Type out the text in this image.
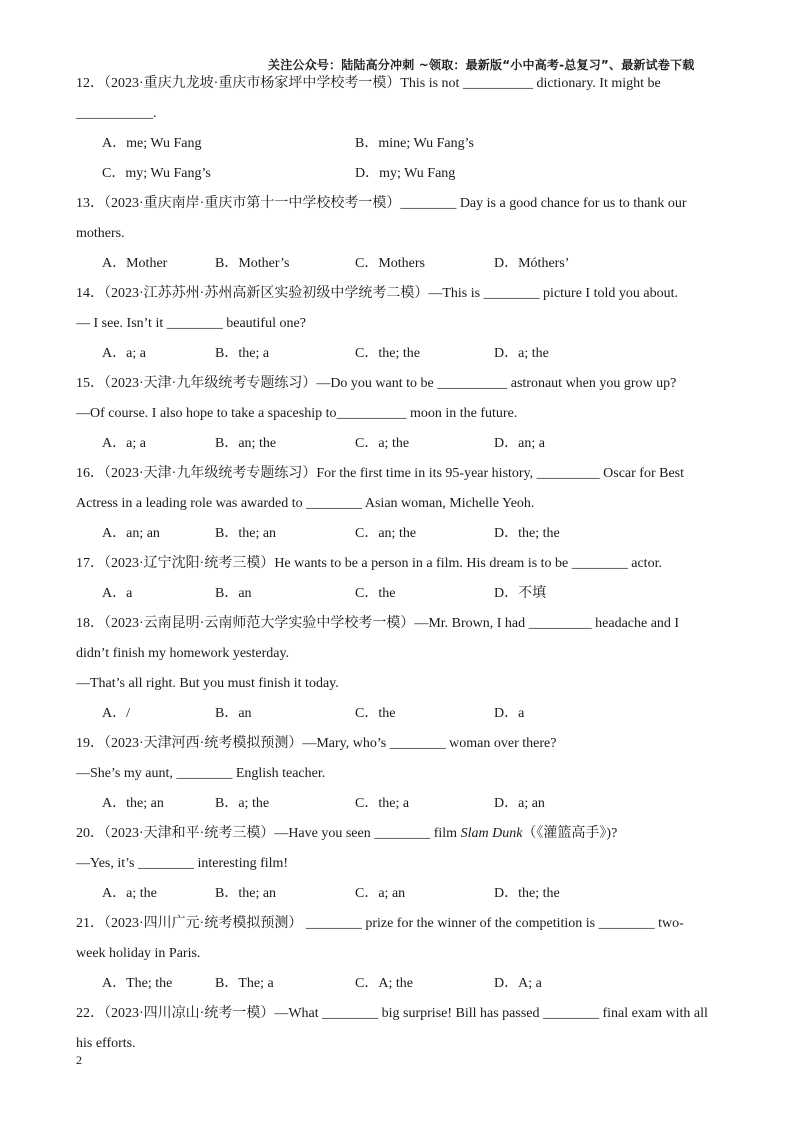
关注公众号：陆陆高分冲刺 ~领取：最新版“小中高考-总复习”、最新试卷下载
12．（2023·重庆九龙坡·重庆市杨家坪中学校考一模）This is not __________ dictionary. It might be
___________.
A．me; Wu Fang	B．mine; Wu Fang’s
C．my; Wu Fang’s	D．my; Wu Fang
13．（2023·重庆南岸·重庆市第十一中学校校考一模）________ Day is a good chance for us to thank our
mothers.
A．Mother	B．Mother’s	C．Mothers	D．Móthers’
14．（2023·江苏苏州·苏州高新区实验初级中学统考二模）—This is ________ picture I told you about.
— I see. Isn’t it ________ beautiful one?
A．a; a	B．the; a	C．the; the	D．a; the
15．（2023·天津·九年级统考专题练习）—Do you want to be __________ astronaut when you grow up?
—Of course. I also hope to take a spaceship to__________ moon in the future.
A．a; a	B．an; the	C．a; the	D．an; a
16．（2023·天津·九年级统考专题练习）For the first time in its 95-year history, _________ Oscar for Best
Actress in a leading role was awarded to ________ Asian woman, Michelle Yeoh.
A．an; an	B．the; an	C．an; the	D．the; the
17．（2023·辽宁沈阳·统考三模）He wants to be a person in a film. His dream is to be ________ actor.
A．a	B．an	C．the	D．不填
18．（2023·云南昆明·云南师范大学实验中学校考一模）—Mr. Brown, I had _________ headache and I
didn’t finish my homework yesterday.
—That’s all right. But you must finish it today.
A．/	B．an	C．the	D．a
19．（2023·天津河西·统考模拟预测）—Mary, who’s ________ woman over there?
—She’s my aunt, ________ English teacher.
A．the; an	B．a; the	C．the; a	D．a; an
20．（2023·天津和平·统考三模）—Have you seen ________ film Slam Dunk（《灌篮高手》)?
—Yes, it’s ________ interesting film!
A．a; the	B．the; an	C．a; an	D．the; the
21．（2023·四川广元·统考模拟预测） ________ prize for the winner of the competition is ________ two-
week holiday in Paris.
A．The; the	B．The; a	C．A; the	D．A; a
22．（2023·四川凉山·统考一模）—What ________ big surprise! Bill has passed ________ final exam with all
his efforts.
2
